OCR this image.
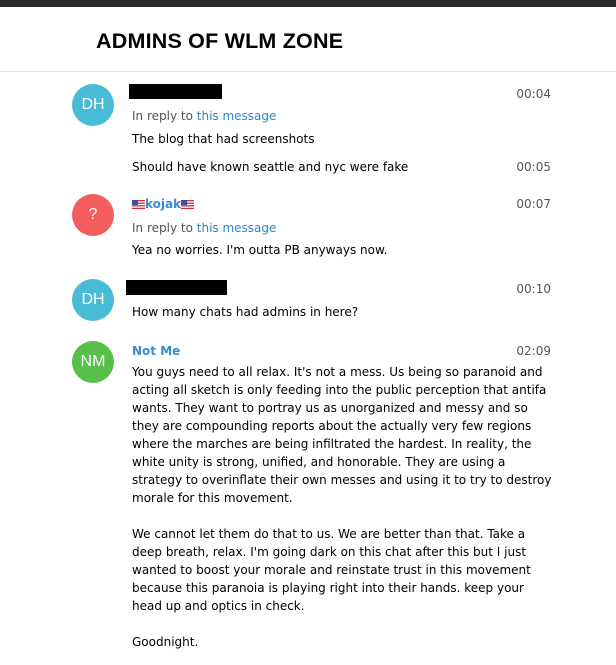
ADMINS OF WLM ZONE
DH
00:04
In reply to this message
The blog that had screenshots
Should have known seattle and nyc were fake	00:05
?
kojak	00:07
In reply to this message
Yea no worries. I'm outta PB anyways now.
DH
00:10
How many chats had admins in here?
NM
Not Me	02:09

You guys need to all relax. It's not a mess. Us being so paranoid and acting all sketch is only feeding into the public perception that antifa wants. They want to portray us as unorganized and messy and so they are compounding reports about the actually very few regions where the marches are being infiltrated the hardest. In reality, the white unity is strong, unified, and honorable. They are using a strategy to overinflate their own messes and using it to try to destroy morale for this movement.

We cannot let them do that to us. We are better than that. Take a deep breath, relax. I'm going dark on this chat after this but I just wanted to boost your morale and reinstate trust in this movement because this paranoia is playing right into their hands. keep your head up and optics in check.

Goodnight.
